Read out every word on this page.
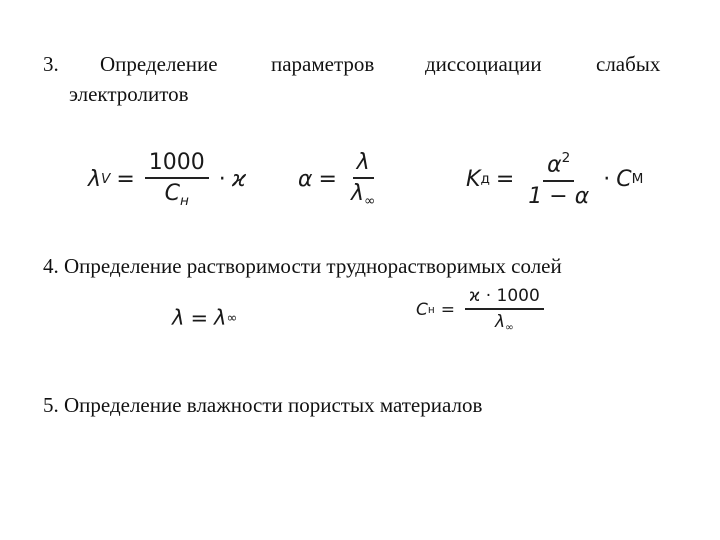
3. Определение	параметров диссоциации	слабых
электролитов
λ $V = \frac{1000}{C_н} \cdot ϰ$ $\alpha = \frac{\lambda}{\lambda_\infty}$	K $д = \frac{\alpha^2}{1 - \alpha} \cdot C$ М
4. Определение растворимости труднорастворимых солей
λ = λ ∞	C $н = \frac{ϰ \cdot 1000}{\lambda_\infty}$
5. Определение влажности пористых материалов
